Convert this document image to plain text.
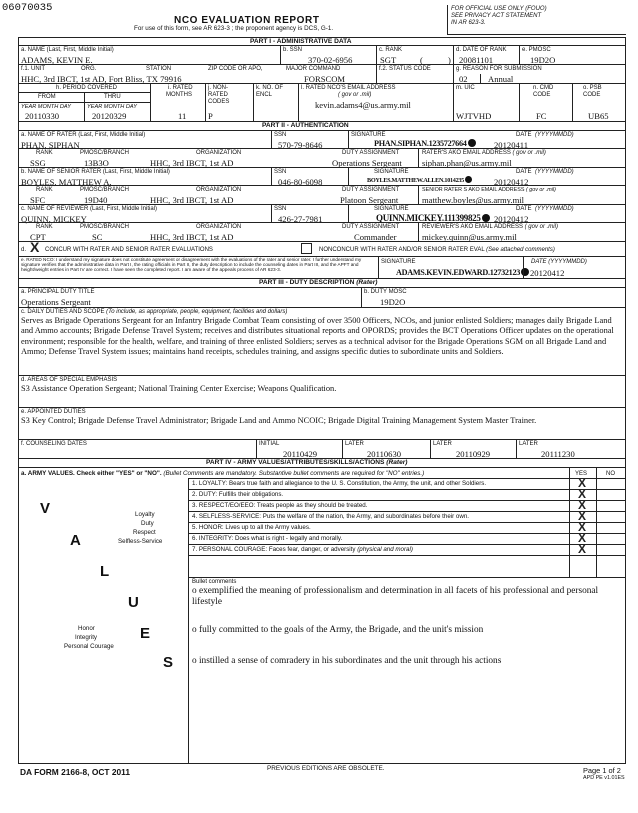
06070035
NCO EVALUATION REPORT
For use of this form, see AR 623-3 ; the proponent agency is DCS, G-1.
FOR OFFICIAL USE ONLY (FOUO)
SEE PRIVACY ACT STATEMENT
IN AR 623-3.
PART I - ADMINISTRATIVE DATA
a. NAME (Last, First, Middle Initial)
ADAMS, KEVIN E.
b. SSN
370-02-6956
c. RANK
SGT	(	)
d. DATE OF RANK
20081101
e. PMOSC
19D2O
f.1. UNIT	ORG.	STATION	ZIP CODE OR APO,	MAJOR COMMAND
HHC, 3rd IBCT, 1st AD, Fort Bliss, TX 79916	FORSCOM
f.2. STATUS CODE	g. REASON FOR SUBMISSION
02 Annual
h. PERIOD COVERED
FROM	THRU
YEAR MONTH DAY	YEAR MONTH DAY
20110330	20120329
i. RATED
MONTHS
11
j. NON-
RATED
CODES
P
k. NO. OF
ENCL
l. RATED NCO'S EMAIL ADDRESS
( gov or .mil)
kevin.adams4@us.army.mil
m. UIC
WJTVHD
n. CMD
CODE
FC
o. PSB
CODE
UB65
PART II - AUTHENTICATION
a. NAME OF RATER (Last, First, Middle Initial)
PHAN, SIPHAN
SSN
570-79-8646
SIGNATURE
PHAN.SIPHAN.1235727664
DATE (YYYYMMDD)
20120411
RANK	PMOSC/BRANCH	ORGANIZATION	DUTY ASSIGNMENT	RATER'S AKO EMAIL ADDRESS ( gov or .mil)
SSG	13B3O	HHC, 3rd IBCT, 1st AD	Operations Sergeant siphan.phan@us.army.mil
b. NAME OF SENIOR RATER (Last, First, Middle Initial)
BOYLES, MATTHEW A.
SSN
046-80-6098
SIGNATURE
BOYLES.MATTHEW.ALLEN.1014235
DATE (YYYYMMDD)
20120412
RANK	PMOSC/BRANCH	ORGANIZATION	DUTY ASSIGNMENT	SENIOR RATER S AKO EMAIL ADDRESS ( gov or .mil)
SFC	19D40	HHC, 3rd IBCT, 1st AD	Platoon Sergeant	matthew.boyles@us.army.mil
c. NAME OF REVIEWER (Last, First, Middle Initial)
QUINN, MICKEY
SSN
426-27-7981
SIGNATURE
QUINN.MICKEY.111399825
DATE (YYYYMMDD)
20120412
RANK	PMOSC/BRANCH	ORGANIZATION	DUTY ASSIGNMENT	REVIEWER'S AKO EMAIL ADDRESS ( gov or .mil)
CPT	SC	HHC, 3rd IBCT, 1st AD	Commander	mickey.quinn@us.army.mil
d. X CONCUR WITH RATER AND SENIOR RATER EVALUATIONS	NONCONCUR WITH RATER AND/OR SENIOR RATER EVAL (See attached comments)
e. RATED NCO: I understand my signature does not constitute agreement or disagreement with the evaluations of the rater and senior rater. I further understand my signature verifies that the administrative data in Part I, the rating officials in Part II, the duty description to include the counseling dates in Part III, and the APFT and height/weight entries in Part IV are correct. I have seen the completed report. I am aware of the appeals process of AR 623-3.
SIGNATURE
ADAMS.KEVIN.EDWARD.12732123
DATE (YYYYMMDD)
20120412
PART III - DUTY DESCRIPTION (Rater)
a. PRINCIPAL DUTY TITLE
Operations Sergeant
b. DUTY MOSC
19D2O
c. DAILY DUTIES AND SCOPE (To include, as appropriate, people, equipment, facilities and dollars)
Serves as Brigade Operations Sergeant for an Infantry Brigade Combat Team consisting of over 3500 Officers, NCOs, and junior enlisted Soldiers; manages daily Brigade Land and Ammo accounts; Brigade Defense Travel System; receives and distributes situational reports and OPORDS; provides the BCT Operations Officer updates on the operational environment; responsible for the health, welfare, and training of three enlisted Soldiers; serves as a technical advisor for the Brigade Operations SGM on all Brigade Land and Ammo; Defense Travel System issues; maintains hand receipts, schedules training, and assigns specific duties to subordinate units and Soldiers.
d. AREAS OF SPECIAL EMPHASIS
S3 Assistance Operation Sergeant; National Training Center Exercise; Weapons Qualification.
e. APPOINTED DUTIES
S3 Key Control; Brigade Defense Travel Administrator; Brigade Land and Ammo NCOIC; Brigade Digital Training Management System Master Trainer.
f. COUNSELING DATES	INITIAL
20110429
LATER
20110630
LATER
20110929
LATER
20111230
PART IV - ARMY VALUES/ATTRIBUTES/SKILLS/ACTIONS (Rater)
a. ARMY VALUES. Check either "YES" or "NO". (Bullet Comments are mandatory. Substantive bullet comments are required for "NO" entries.)	YES	NO
1. LOYALTY: Bears true faith and allegiance to the U. S. Constitution, the Army, the unit, and other Soldiers.	X
2. DUTY: Fulfills their obligations.	X
3. RESPECT/EO/EEO: Treats people as they should be treated.	X
4. SELFLESS-SERVICE: Puts the welfare of the nation, the Army, and subordinates before their own.	X
5. HONOR: Lives up to all the Army values.	X
6. INTEGRITY: Does what is right - legally and morally.	X
7. PERSONAL COURAGE: Faces fear, danger, or adversity (physical and moral)	X
Bullet comments
o exemplified the meaning of professionalism and determination in all facets of his professional and personal lifestyle
o fully committed to the goals of the Army, the Brigade, and the unit's mission
o instilled a sense of comradery in his subordinates and the unit through his actions
V
A
L
U
E
S
Loyalty
Duty
Respect
Selfless-Service
Honor
Integrity
Personal Courage
DA FORM 2166-8, OCT 2011	PREVIOUS EDITIONS ARE OBSOLETE.	Page 1 of 2
APD PE v1.01ES
